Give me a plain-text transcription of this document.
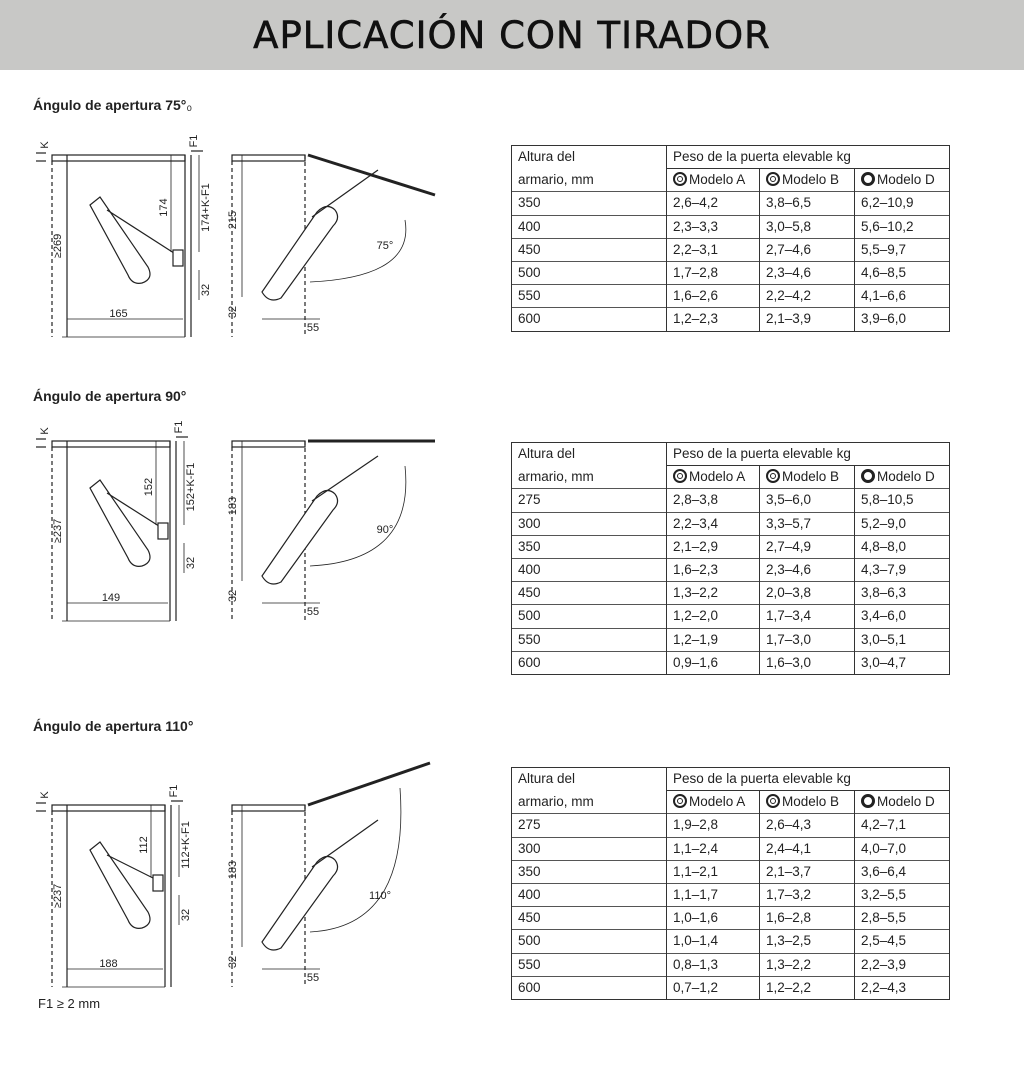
APLICACIÓN CON TIRADOR
Ángulo de apertura 75°₀
Ángulo de apertura 90°
Ángulo de apertura 110°
K	F1
≥269
174	174+K-F1
32
165
215
32
55
75°
K	F1
≥237
152	152+K-F1
32
149
183
32
55
90°
K	F1
≥237
112	112+K-F1
32
188
183
32
55
110°
Altura del	Peso de la puerta elevable kg		
armario, mm	Modelo A	Modelo B	Modelo D
350	2,6–4,2	3,8–6,5	6,2–10,9
400	2,3–3,3	3,0–5,8	5,6–10,2
450	2,2–3,1	2,7–4,6	5,5–9,7
500	1,7–2,8	2,3–4,6	4,6–8,5
550	1,6–2,6	2,2–4,2	4,1–6,6
600	1,2–2,3	2,1–3,9	3,9–6,0
Altura del	Peso de la puerta elevable kg		
armario, mm	Modelo A	Modelo B	Modelo D
275	2,8–3,8	3,5–6,0	5,8–10,5
300	2,2–3,4	3,3–5,7	5,2–9,0
350	2,1–2,9	2,7–4,9	4,8–8,0
400	1,6–2,3	2,3–4,6	4,3–7,9
450	1,3–2,2	2,0–3,8	3,8–6,3
500	1,2–2,0	1,7–3,4	3,4–6,0
550	1,2–1,9	1,7–3,0	3,0–5,1
600	0,9–1,6	1,6–3,0	3,0–4,7
Altura del	Peso de la puerta elevable kg		
armario, mm	Modelo A	Modelo B	Modelo D
275	1,9–2,8	2,6–4,3	4,2–7,1
300	1,1–2,4	2,4–4,1	4,0–7,0
350	1,1–2,1	2,1–3,7	3,6–6,4
400	1,1–1,7	1,7–3,2	3,2–5,5
450	1,0–1,6	1,6–2,8	2,8–5,5
500	1,0–1,4	1,3–2,5	2,5–4,5
550	0,8–1,3	1,3–2,2	2,2–3,9
600	0,7–1,2	1,2–2,2	2,2–4,3
F1 ≥ 2 mm
